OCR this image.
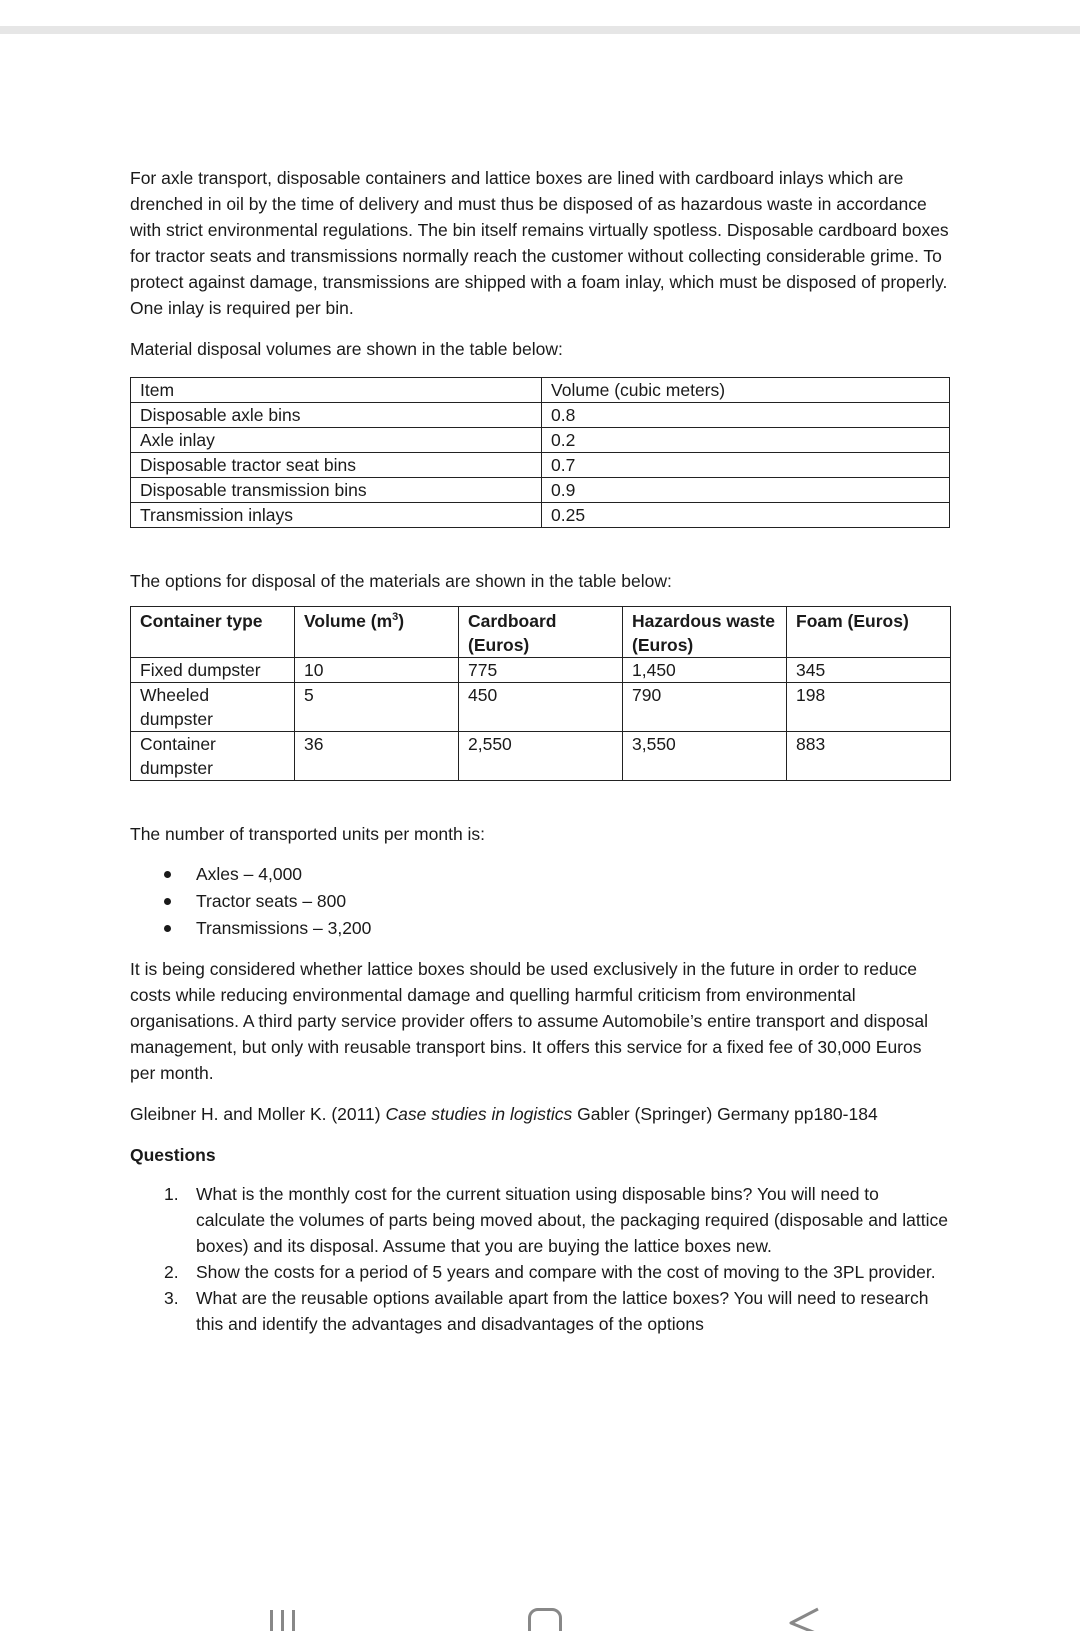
For axle transport, disposable containers and lattice boxes are lined with cardboard inlays which are drenched in oil by the time of delivery and must thus be disposed of as hazardous waste in accordance with strict environmental regulations. The bin itself remains virtually spotless. Disposable cardboard boxes for tractor seats and transmissions normally reach the customer without collecting considerable grime. To protect against damage, transmissions are shipped with a foam inlay, which must be disposed of properly. One inlay is required per bin.

Material disposal volumes are shown in the table below:

Item	Volume (cubic meters)
Disposable axle bins	0.8
Axle inlay	0.2
Disposable tractor seat bins	0.7
Disposable transmission bins	0.9
Transmission inlays	0.25

The options for disposal of the materials are shown in the table below:

Container type	Volume $(m^3)$	Cardboard (Euros)	Hazardous waste (Euros)	Foam (Euros)
Fixed dumpster	10	775	1,450	345
Wheeled dumpster	5	450	790	198
Container dumpster	36	2,550	3,550	883

The number of transported units per month is:

Axles – 4,000
Tractor seats – 800
Transmissions – 3,200

It is being considered whether lattice boxes should be used exclusively in the future in order to reduce costs while reducing environmental damage and quelling harmful criticism from environmental organisations. A third party service provider offers to assume Automobile’s entire transport and disposal management, but only with reusable transport bins. It offers this service for a fixed fee of 30,000 Euros per month.

Gleibner H. and Moller K. (2011) Case studies in logistics Gabler (Springer) Germany pp180-184

Questions

1. What is the monthly cost for the current situation using disposable bins? You will need to calculate the volumes of parts being moved about, the packaging required (disposable and lattice boxes) and its disposal. Assume that you are buying the lattice boxes new.
2. Show the costs for a period of 5 years and compare with the cost of moving to the 3PL provider.
3. What are the reusable options available apart from the lattice boxes? You will need to research this and identify the advantages and disadvantages of the options
